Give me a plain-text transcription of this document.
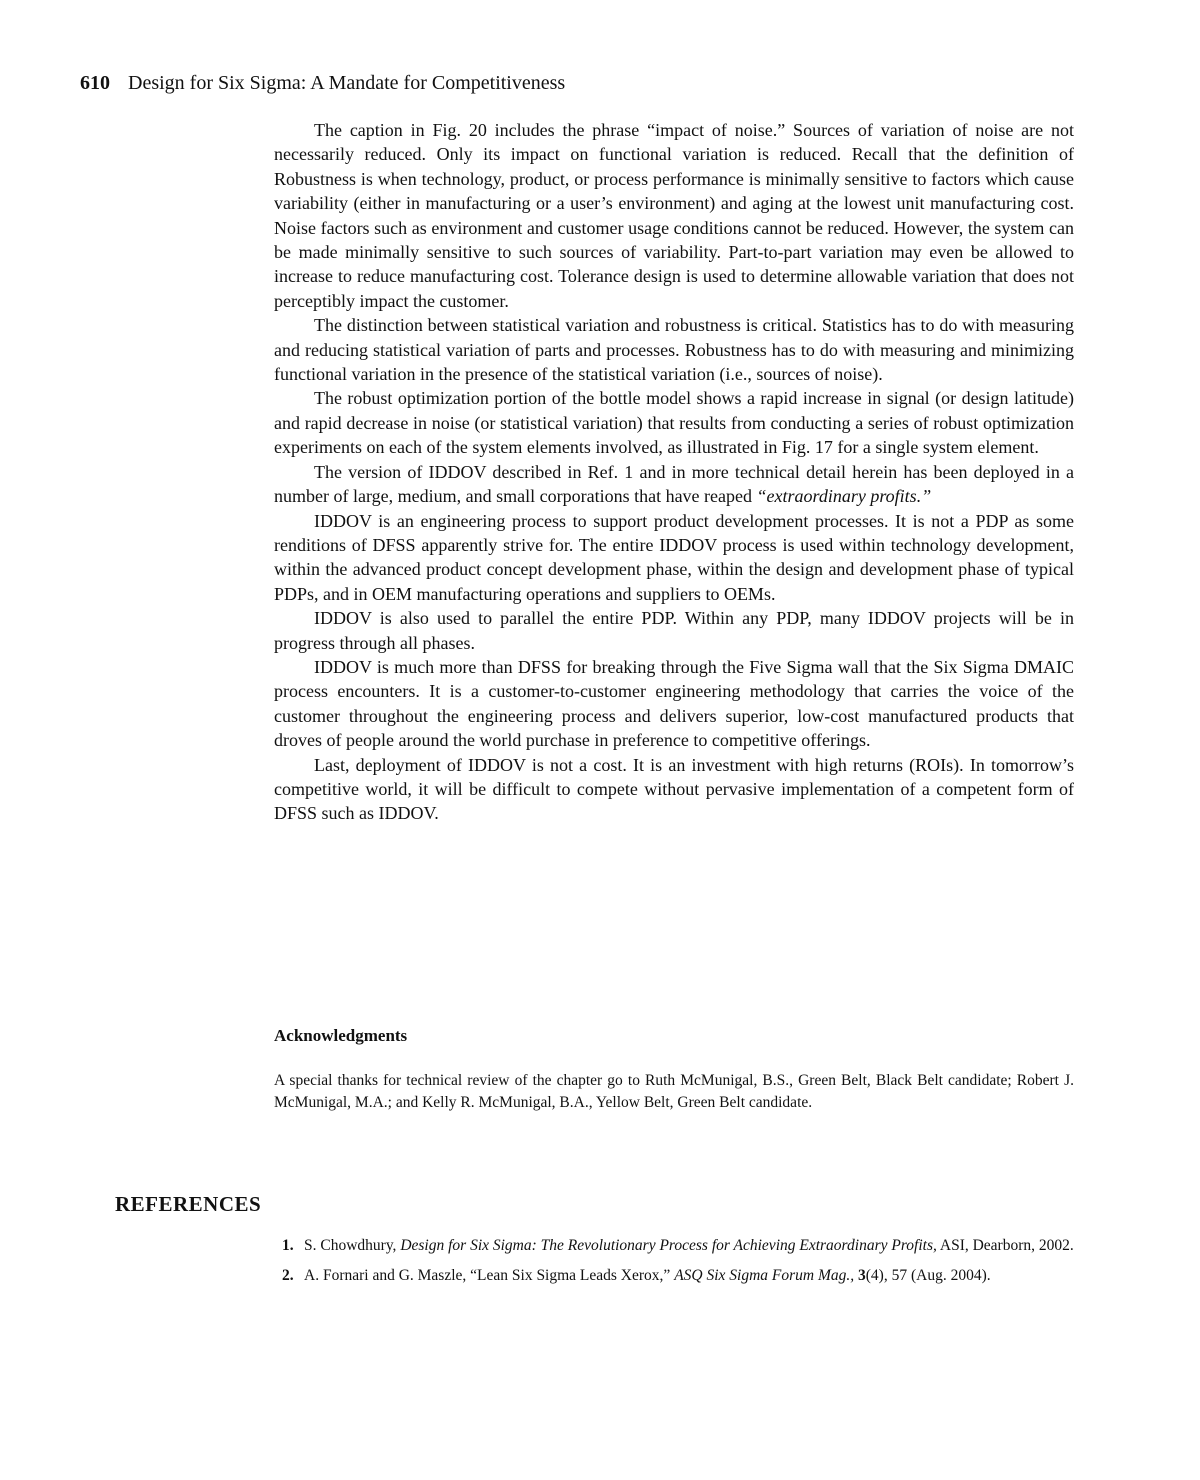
610 Design for Six Sigma: A Mandate for Competitiveness

The caption in Fig. 20 includes the phrase “impact of noise.” Sources of variation of noise are not necessarily reduced. Only its impact on functional variation is reduced. Recall that the definition of Robustness is when technology, product, or process performance is minimally sensitive to factors which cause variability (either in manufacturing or a user’s environment) and aging at the lowest unit manufacturing cost. Noise factors such as environment and customer usage conditions cannot be reduced. However, the system can be made minimally sensitive to such sources of variability. Part-to-part variation may even be allowed to increase to reduce manufacturing cost. Tolerance design is used to determine allowable variation that does not perceptibly impact the customer.

The distinction between statistical variation and robustness is critical. Statistics has to do with measuring and reducing statistical variation of parts and processes. Robustness has to do with measuring and minimizing functional variation in the presence of the statistical variation (i.e., sources of noise).

The robust optimization portion of the bottle model shows a rapid increase in signal (or design latitude) and rapid decrease in noise (or statistical variation) that results from conducting a series of robust optimization experiments on each of the system elements involved, as illustrated in Fig. 17 for a single system element.

The version of IDDOV described in Ref. 1 and in more technical detail herein has been deployed in a number of large, medium, and small corporations that have reaped “extraordinary profits.”

IDDOV is an engineering process to support product development processes. It is not a PDP as some renditions of DFSS apparently strive for. The entire IDDOV process is used within technology development, within the advanced product concept development phase, within the design and development phase of typical PDPs, and in OEM manufacturing operations and suppliers to OEMs.

IDDOV is also used to parallel the entire PDP. Within any PDP, many IDDOV projects will be in progress through all phases.

IDDOV is much more than DFSS for breaking through the Five Sigma wall that the Six Sigma DMAIC process encounters. It is a customer-to-customer engineering methodology that carries the voice of the customer throughout the engineering process and delivers superior, low-cost manufactured products that droves of people around the world purchase in preference to competitive offerings.

Last, deployment of IDDOV is not a cost. It is an investment with high returns (ROIs). In tomorrow’s competitive world, it will be difficult to compete without pervasive implementation of a competent form of DFSS such as IDDOV.

Acknowledgments

A special thanks for technical review of the chapter go to Ruth McMunigal, B.S., Green Belt, Black Belt candidate; Robert J. McMunigal, M.A.; and Kelly R. McMunigal, B.A., Yellow Belt, Green Belt candidate.

REFERENCES
1. S. Chowdhury, Design for Six Sigma: The Revolutionary Process for Achieving Extraordinary Profits, ASI, Dearborn, 2002.
2. A. Fornari and G. Maszle, “Lean Six Sigma Leads Xerox,” ASQ Six Sigma Forum Mag., 3(4), 57 (Aug. 2004).
